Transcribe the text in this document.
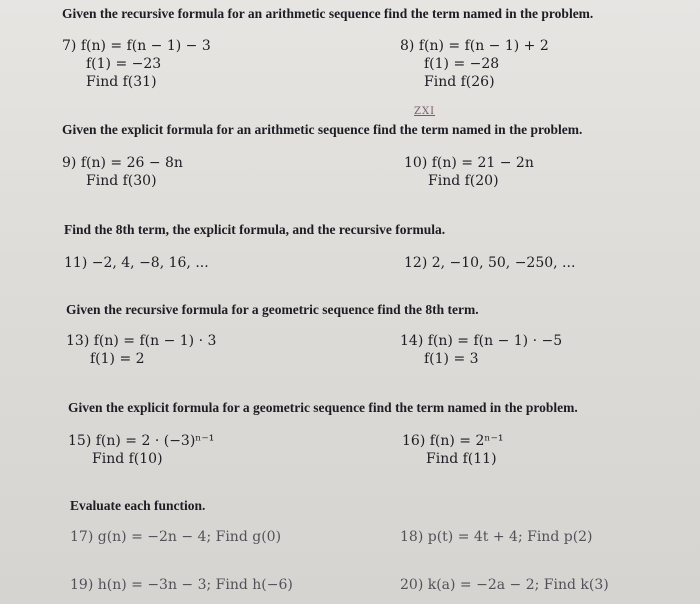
Given the recursive formula for an arithmetic sequence find the term named in the problem.
7) f(n) = f(n − 1) − 3
f(1) = −23
Find f(31)
8) f(n) = f(n − 1) + 2
f(1) = −28
Find f(26)
ZXI
Given the explicit formula for an arithmetic sequence find the term named in the problem.
9) f(n) = 26 − 8n
Find f(30)
10) f(n) = 21 − 2n
Find f(20)
Find the 8th term, the explicit formula, and the recursive formula.
11) −2, 4, −8, 16, ...	12) 2, −10, 50, −250, ...
Given the recursive formula for a geometric sequence find the 8th term.
13) f(n) = f(n − 1) · 3
f(1) = 2
14) f(n) = f(n − 1) · −5
f(1) = 3
Given the explicit formula for a geometric sequence find the term named in the problem.
15) f(n) = 2 · (−3)ⁿ⁻¹
Find f(10)
16) f(n) = 2ⁿ⁻¹
Find f(11)
Evaluate each function.
17) g(n) = −2n − 4; Find g(0)	18) p(t) = 4t + 4; Find p(2)
19) h(n) = −3n − 3; Find h(−6)	20) k(a) = −2a − 2; Find k(3)
